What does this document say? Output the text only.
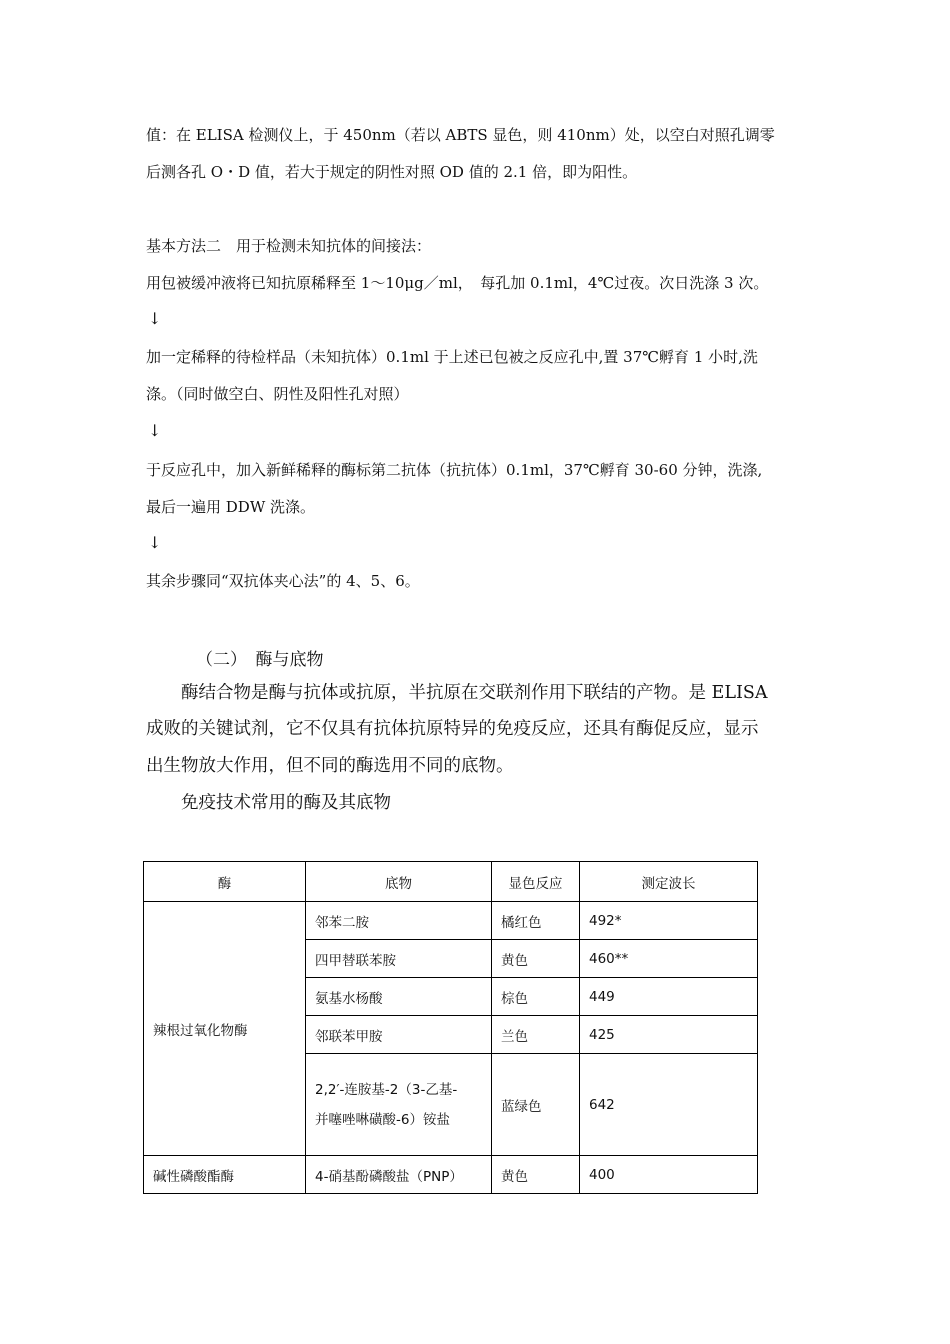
值：在 ELISA 检测仪上，于 450nm（若以 ABTS 显色，则 410nm）处，以空白对照孔调零
后测各孔 O・D 值，若大于规定的阴性对照 OD 值的 2.1 倍，即为阳性。
基本方法二　用于检测未知抗体的间接法：
用包被缓冲液将已知抗原稀释至 1～10μg／ml，　每孔加 0.1ml，4℃过夜。次日洗涤 3 次。
↓
加一定稀释的待检样品（未知抗体）0.1ml 于上述已包被之反应孔中,置 37℃孵育 1 小时,洗
涤。（同时做空白、阴性及阳性孔对照）
↓
于反应孔中，加入新鲜稀释的酶标第二抗体（抗抗体）0.1ml，37℃孵育 30-60 分钟，洗涤,
最后一遍用 DDW 洗涤。
↓
其余步骤同“双抗体夹心法”的 4、5、6。
（二）　酶与底物
酶结合物是酶与抗体或抗原，半抗原在交联剂作用下联结的产物。是 ELISA
成败的关键试剂，它不仅具有抗体抗原特异的免疫反应，还具有酶促反应，显示
出生物放大作用，但不同的酶选用不同的底物。
免疫技术常用的酶及其底物
酶	底物	显色反应	测定波长
辣根过氧化物酶	邻苯二胺	橘红色	492*
	四甲替联苯胺	黄色	460**
	氨基水杨酸	棕色	449
	邻联苯甲胺	兰色	425

	2,2′-连胺基-2（3-乙基-
并噻唑啉磺酸-6）铵盐	蓝绿色	642
碱性磷酸酯酶	4-硝基酚磷酸盐（PNP）	黄色	400
